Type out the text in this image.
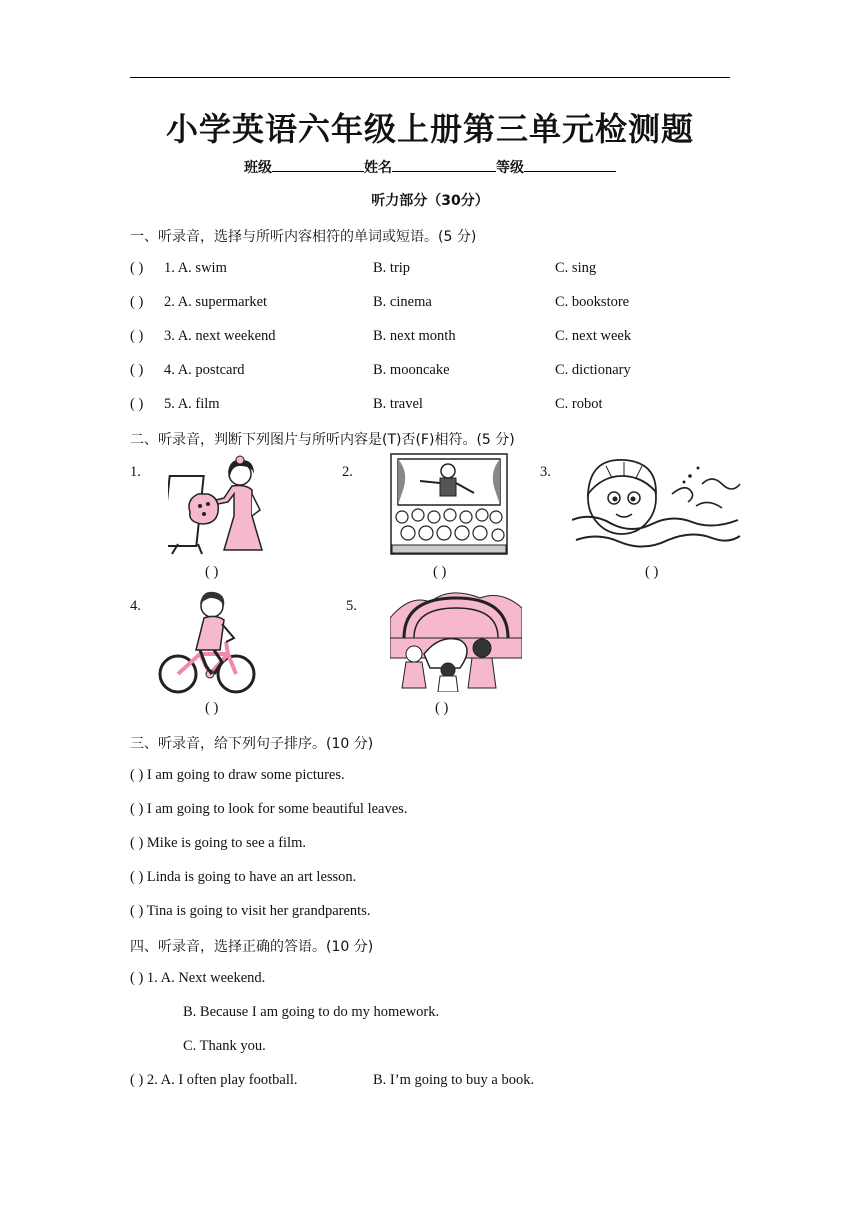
小学英语六年级上册第三单元检测题
班级	姓名	等级
听力部分（30分）
一、听录音，选择与所听内容相符的单词或短语。(5 分)
( ) 1. A. swim	B. trip	C. sing
( ) 2. A. supermarket	B. cinema	C. bookstore
( ) 3. A. next weekend	B. next month	C. next week
( ) 4. A. postcard	B. mooncake	C. dictionary
( ) 5. A. film	B. travel	C. robot
二、听录音，判断下列图片与所听内容是(T)否(F)相符。(5 分)
1.
( )
2.
( )
3.
( )
4.
( )
5.
( )
三、听录音，给下列句子排序。(10 分)
( ) I am going to draw some pictures.
( ) I am going to look for some beautiful leaves.
( ) Mike is going to see a film.
( ) Linda is going to have an art lesson.
( ) Tina is going to visit her grandparents.
四、听录音，选择正确的答语。(10 分)
( ) 1. A. Next weekend.
B. Because I am going to do my homework.
C. Thank you.
( ) 2. A. I often play football.	B. I’m going to buy a book.
